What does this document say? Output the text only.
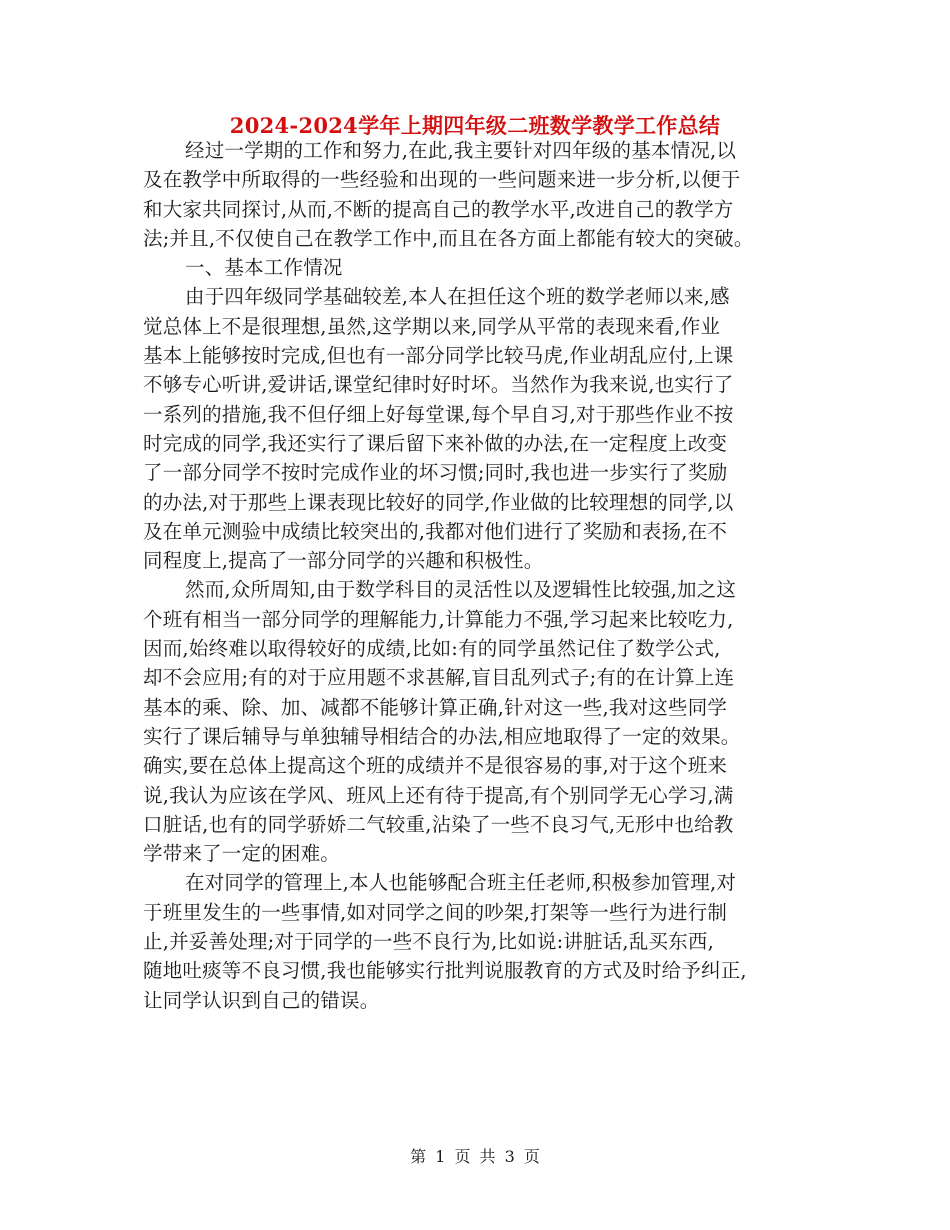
2024-2024学年上期四年级二班数学教学工作总结
经过一学期的工作和努力,在此,我主要针对四年级的基本情况,以
及在教学中所取得的一些经验和出现的一些问题来进一步分析,以便于
和大家共同探讨,从而,不断的提高自己的教学水平,改进自己的教学方
法;并且,不仅使自己在教学工作中,而且在各方面上都能有较大的突破。
一、基本工作情况
由于四年级同学基础较差,本人在担任这个班的数学老师以来,感
觉总体上不是很理想,虽然,这学期以来,同学从平常的表现来看,作业
基本上能够按时完成,但也有一部分同学比较马虎,作业胡乱应付,上课
不够专心听讲,爱讲话,课堂纪律时好时坏。当然作为我来说,也实行了
一系列的措施,我不但仔细上好每堂课,每个早自习,对于那些作业不按
时完成的同学,我还实行了课后留下来补做的办法,在一定程度上改变
了一部分同学不按时完成作业的坏习惯;同时,我也进一步实行了奖励
的办法,对于那些上课表现比较好的同学,作业做的比较理想的同学,以
及在单元测验中成绩比较突出的,我都对他们进行了奖励和表扬,在不
同程度上,提高了一部分同学的兴趣和积极性。
然而,众所周知,由于数学科目的灵活性以及逻辑性比较强,加之这
个班有相当一部分同学的理解能力,计算能力不强,学习起来比较吃力,
因而,始终难以取得较好的成绩,比如:有的同学虽然记住了数学公式,
却不会应用;有的对于应用题不求甚解,盲目乱列式子;有的在计算上连
基本的乘、除、加、减都不能够计算正确,针对这一些,我对这些同学
实行了课后辅导与单独辅导相结合的办法,相应地取得了一定的效果。
确实,要在总体上提高这个班的成绩并不是很容易的事,对于这个班来
说,我认为应该在学风、班风上还有待于提高,有个别同学无心学习,满
口脏话,也有的同学骄娇二气较重,沾染了一些不良习气,无形中也给教
学带来了一定的困难。
在对同学的管理上,本人也能够配合班主任老师,积极参加管理,对
于班里发生的一些事情,如对同学之间的吵架,打架等一些行为进行制
止,并妥善处理;对于同学的一些不良行为,比如说:讲脏话,乱买东西,
随地吐痰等不良习惯,我也能够实行批判说服教育的方式及时给予纠正,
让同学认识到自己的错误。
第 1 页 共 3 页
